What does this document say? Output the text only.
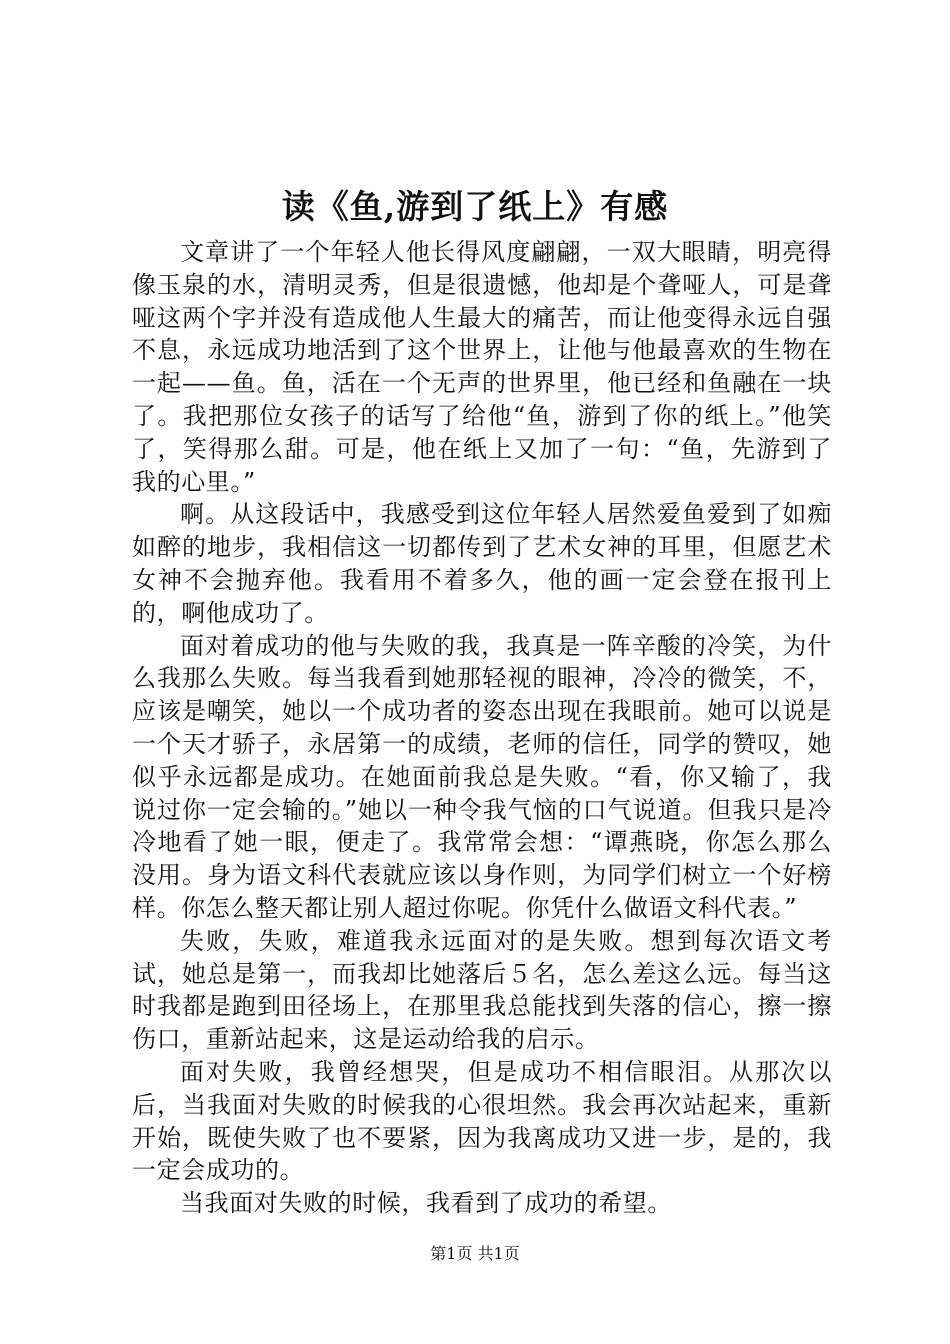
读《鱼,游到了纸上》有感

文章讲了一个年轻人他长得风度翩翩，一双大眼睛，明亮得像玉泉的水，清明灵秀，但是很遗憾，他却是个聋哑人，可是聋哑这两个字并没有造成他人生最大的痛苦，而让他变得永远自强不息，永远成功地活到了这个世界上，让他与他最喜欢的生物在一起——鱼。鱼，活在一个无声的世界里，他已经和鱼融在一块了。我把那位女孩子的话写了给他“鱼，游到了你的纸上。”他笑了，笑得那么甜。可是，他在纸上又加了一句：“鱼，先游到了我的心里。”

啊。从这段话中，我感受到这位年轻人居然爱鱼爱到了如痴如醉的地步，我相信这一切都传到了艺术女神的耳里，但愿艺术女神不会抛弃他。我看用不着多久，他的画一定会登在报刊上的，啊他成功了。

面对着成功的他与失败的我，我真是一阵辛酸的冷笑，为什么我那么失败。每当我看到她那轻视的眼神，冷冷的微笑，不，应该是嘲笑，她以一个成功者的姿态出现在我眼前。她可以说是一个天才骄子，永居第一的成绩，老师的信任，同学的赞叹，她似乎永远都是成功。在她面前我总是失败。“看，你又输了，我说过你一定会输的。”她以一种令我气恼的口气说道。但我只是冷冷地看了她一眼，便走了。我常常会想：“谭燕晓，你怎么那么没用。身为语文科代表就应该以身作则，为同学们树立一个好榜样。你怎么整天都让别人超过你呢。你凭什么做语文科代表。”

失败，失败，难道我永远面对的是失败。想到每次语文考试，她总是第一，而我却比她落后５名，怎么差这么远。每当这时我都是跑到田径场上，在那里我总能找到失落的信心，擦一擦伤口，重新站起来，这是运动给我的启示。

面对失败，我曾经想哭，但是成功不相信眼泪。从那次以后，当我面对失败的时候我的心很坦然。我会再次站起来，重新开始，既使失败了也不要紧，因为我离成功又进一步，是的，我一定会成功的。

当我面对失败的时候，我看到了成功的希望。

第1页 共1页
